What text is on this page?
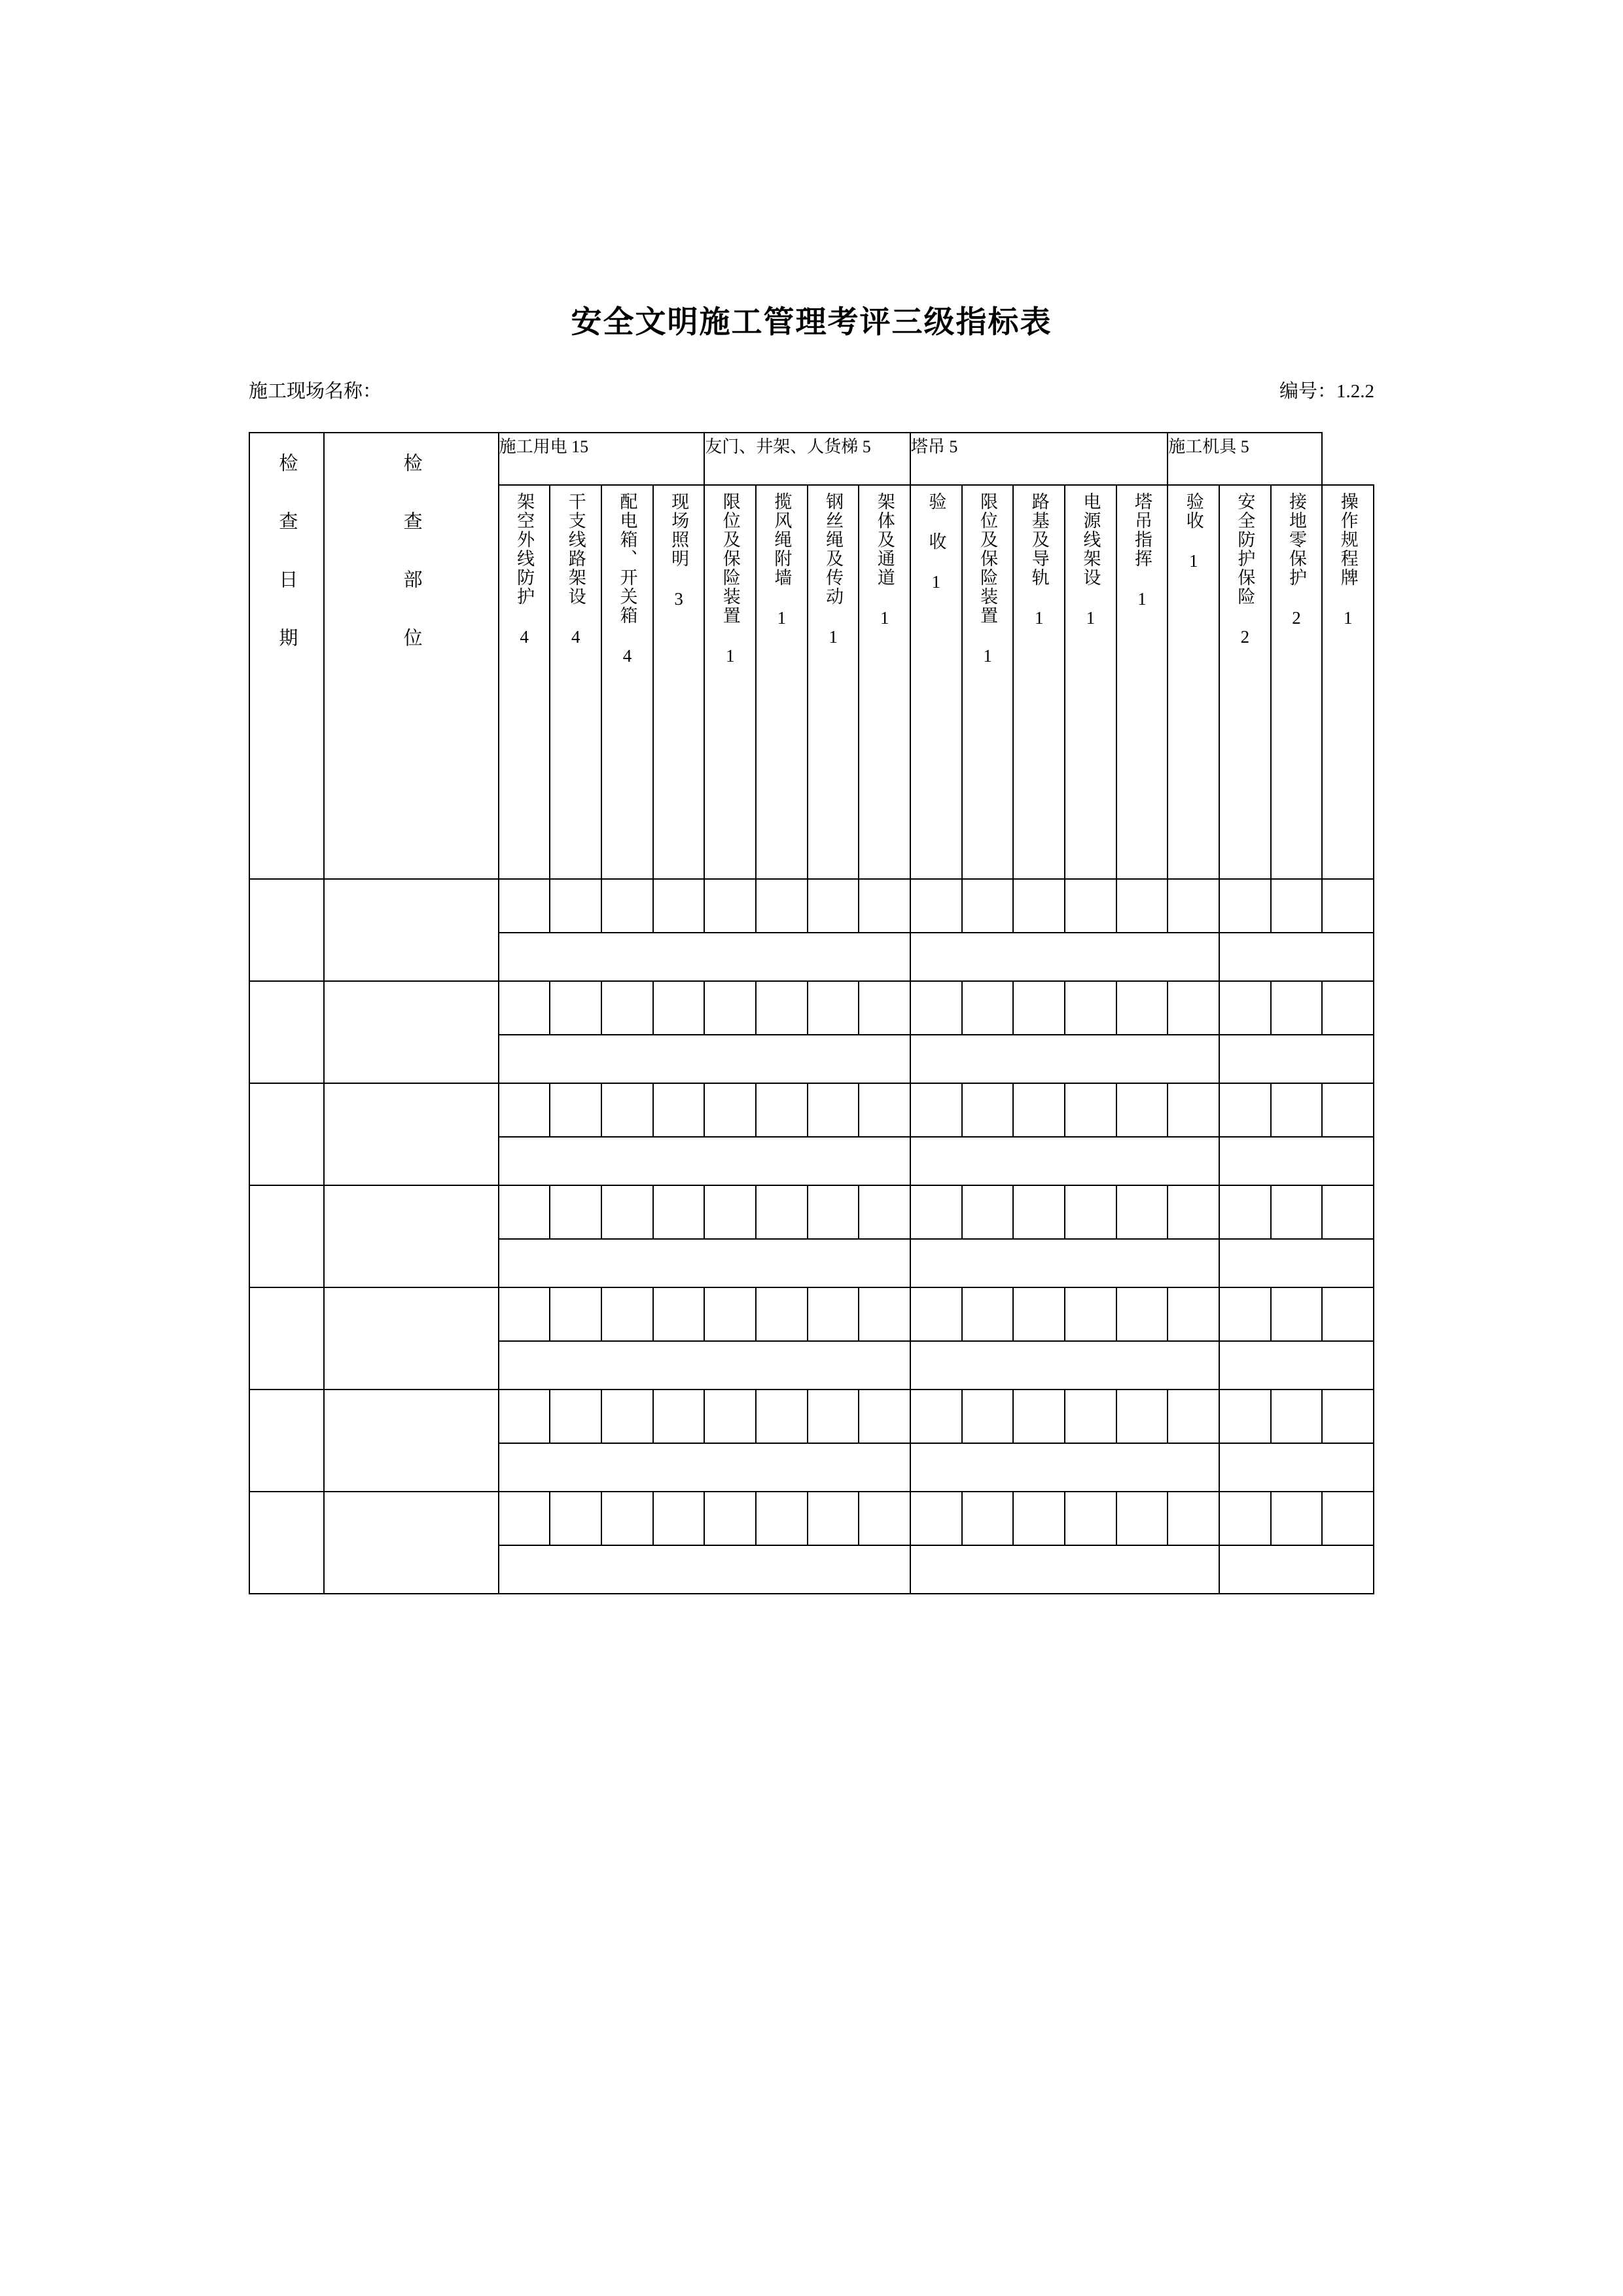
安全文明施工管理考评三级指标表
施工现场名称：	编号：1.2.2
检 查 日 期	检 查 部 位	施工用电 15				友门、井架、人货梯 5				塔吊 5					施工机具 5			

		架空外线防护 4	干支线路架设 4	配电箱、开关箱 4	现场照明 3	限位及保险装置 1	揽风绳附墙 1	钢丝绳及传动 1	架体及通道 1	验 收 1	限位及保险装置 1	路基及导轨 1	电源线架设 1	塔吊指挥 1	验收 1	安全防护保险 2	接地零保护 2	操作规程牌 1
